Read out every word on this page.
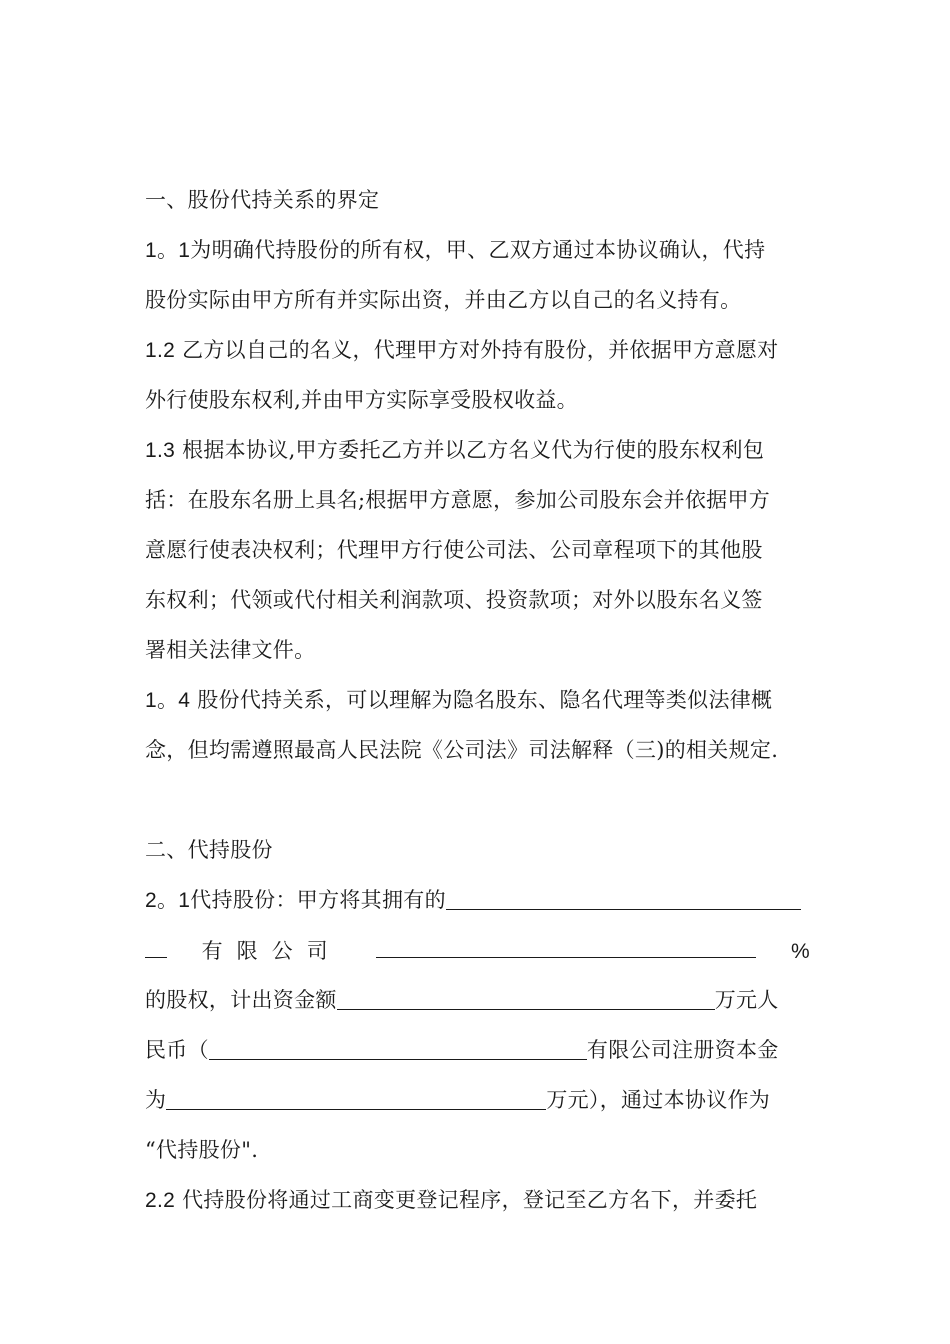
一、股份代持关系的界定
1。1为明确代持股份的所有权，甲、乙双方通过本协议确认，代持
股份实际由甲方所有并实际出资，并由乙方以自己的名义持有。
1.2 乙方以自己的名义，代理甲方对外持有股份，并依据甲方意愿对
外行使股东权利,并由甲方实际享受股权收益。
1.3 根据本协议,甲方委托乙方并以乙方名义代为行使的股东权利包
括：在股东名册上具名;根据甲方意愿，参加公司股东会并依据甲方
意愿行使表决权利；代理甲方行使公司法、公司章程项下的其他股
东权利；代领或代付相关利润款项、投资款项；对外以股东名义签
署相关法律文件。
1。4 股份代持关系，可以理解为隐名股东、隐名代理等类似法律概
念，但均需遵照最高人民法院《公司法》司法解释（三)的相关规定.
二、代持股份
2。1代持股份：甲方将其拥有的
有限公司	%
的股权，计出资金额	万元人
民币（	有限公司注册资本金
为	万元），通过本协议作为
“代持股份".
2.2 代持股份将通过工商变更登记程序，登记至乙方名下，并委托
